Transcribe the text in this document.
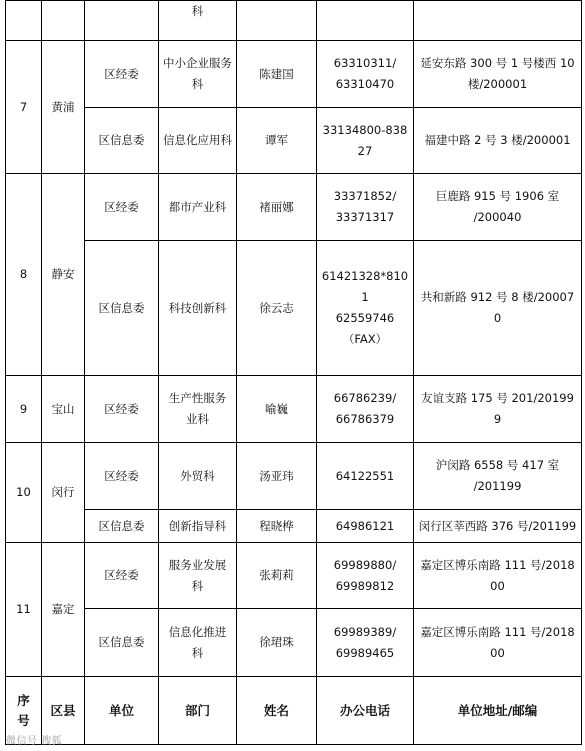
			科			

7	黄浦	区经委	中小企业服务
科	陈建国	63310311/
63310470	延安东路 300 号 1 号楼西 10
楼/200001

		区信息委	信息化应用科	谭军	33134800-838
27	福建中路 2 号 3 楼/200001

8	静安	区经委	都市产业科	褚丽娜	33371852/
33371317	巨鹿路 915 号 1906 室
/200040

		区信息委	科技创新科	徐云志	61421328*810
1
62559746
（FAX）	共和新路 912 号 8 楼/200070

9	宝山	区经委	生产性服务
业科	喻巍	66786239/
66786379	友谊支路 175 号 201/201999

10	闵行	区经委	外贸科	汤亚玮	64122551	沪闵路 6558 号 417 室
/201199

		区信息委	创新指导科	程晓桦	64986121	闵行区莘西路 376 号/201199

11	嘉定	区经委	服务业发展
科	张莉莉	69989880/
69989812	嘉定区博乐南路 111 号/201800

		区信息委	信息化推进
科	徐珺珠	69989389/
69989465	嘉定区博乐南路 111 号/201800

序
号	区县	单位	部门	姓名	办公电话	单位地址/邮编
微信号 搜狐
